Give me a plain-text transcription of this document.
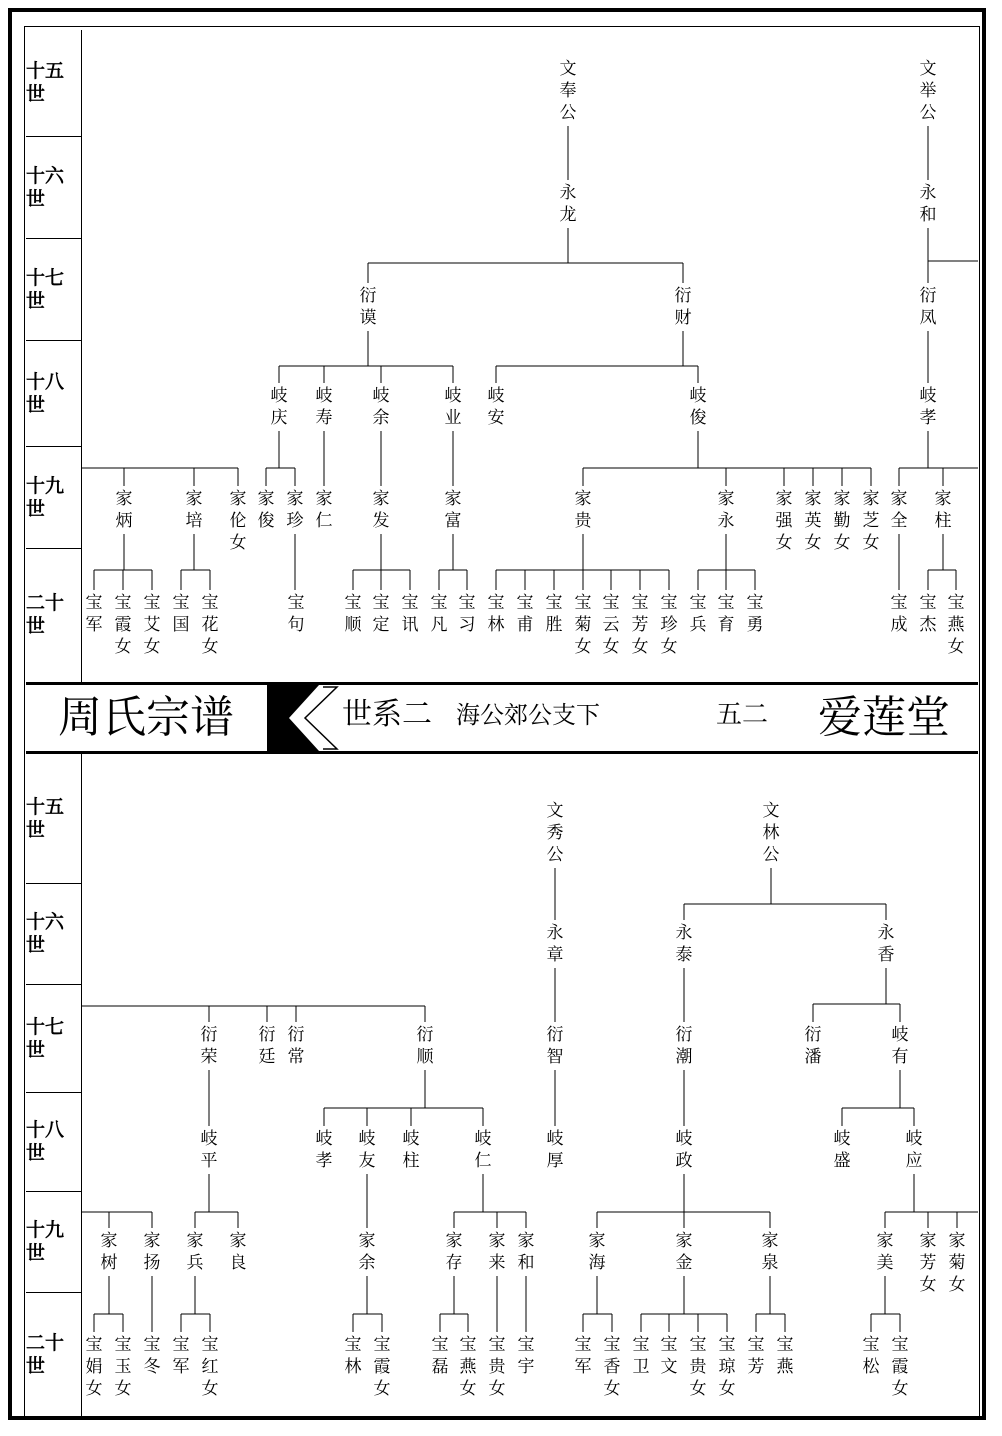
十五世
十六世
十七世
十八世
十九世
二十世
文
奉
公
文
举
公
永
龙
永
和
衍
谟
衍
财
衍
凤
岐
庆
岐
寿
岐
余
岐
业
岐
安
岐
俊
岐
孝
家
炳
家
培
家
伦
女
家
俊
家
珍
家
仁
家
发
家
富
家
贵
家
永
家
强
女
家
英
女
家
勤
女
家
芝
女
家
全
家
柱
宝
军
宝
霞
女
宝
艾
女
宝
国
宝
花
女
宝
句
宝
顺
宝
定
宝
讯
宝
凡
宝
习
宝
林
宝
甫
宝
胜
宝
菊
女
宝
云
女
宝
芳
女
宝
珍
女
宝
兵
宝
育
宝
勇
宝
成
宝
杰
宝
燕
女
周氏宗谱	世系二 海公郊公支下	五二 爱莲堂
十五世
十六世
十七世
十八世
十九世
二十世
文
秀
公
文
林
公
永
章
永
泰
永
香
衍
荣
衍
廷
衍
常
衍
顺
衍
智
衍
潮
衍
潘
岐
有
岐
平
岐
孝
岐
友
岐
柱
岐
仁
岐
厚
岐
政
岐
盛
岐
应
家
树
家
扬
家
兵
家
良
家
余
家
存
家
来
家
和
家
海
家
金
家
泉
家
美
家
芳
女
家
菊
女
宝
娟
女
宝
玉
女
宝
冬
宝
军
宝
红
女
宝
林
宝
霞
女
宝
磊
宝
燕
女
宝
贵
女
宝
宇
宝
军
宝
香
女
宝
卫
宝
文
宝
贵
女
宝
琼
女
宝
芳
宝
燕
宝
松
宝
霞
女
